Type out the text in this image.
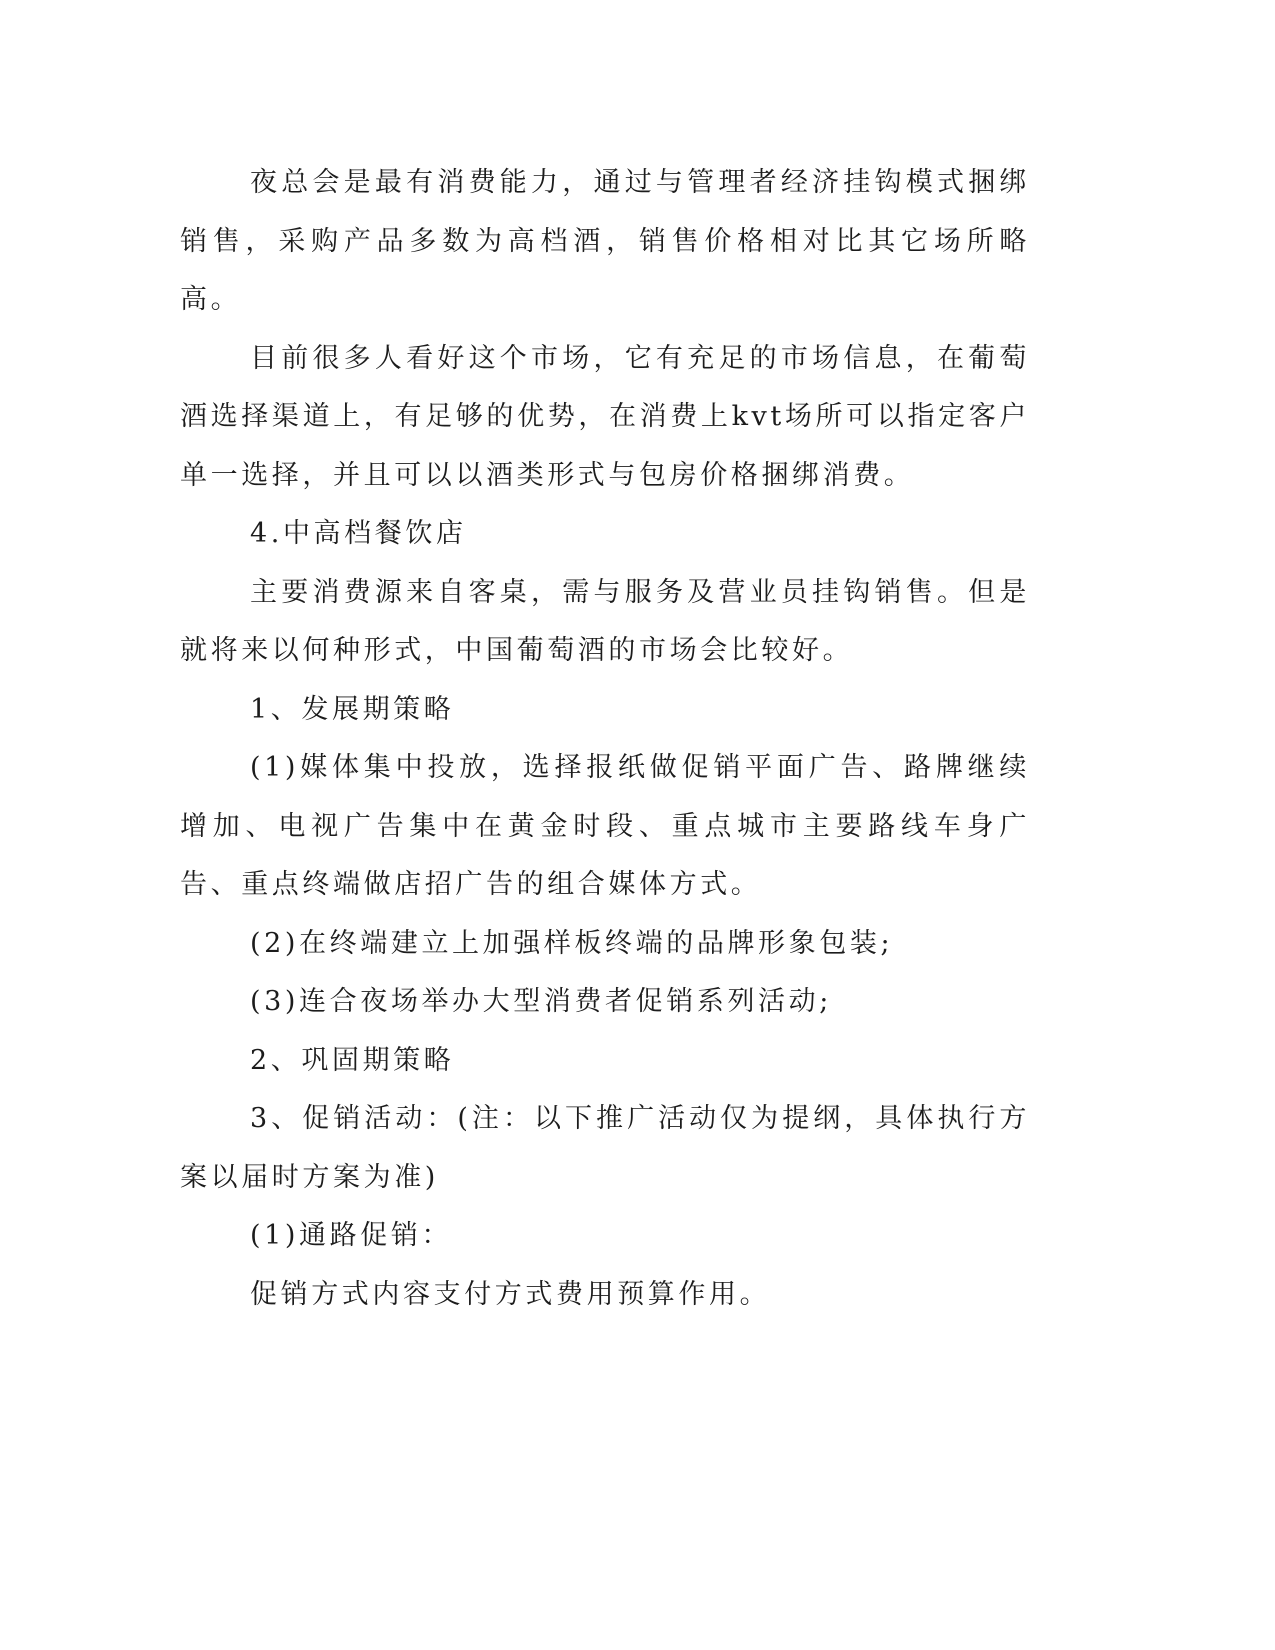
夜总会是最有消费能力，通过与管理者经济挂钩模式捆绑销售，采购产品多数为高档酒，销售价格相对比其它场所略高。

目前很多人看好这个市场，它有充足的市场信息，在葡萄酒选择渠道上，有足够的优势，在消费上kvt场所可以指定客户单一选择，并且可以以酒类形式与包房价格捆绑消费。

4.中高档餐饮店

主要消费源来自客桌，需与服务及营业员挂钩销售。但是就将来以何种形式，中国葡萄酒的市场会比较好。

1、发展期策略

(1)媒体集中投放，选择报纸做促销平面广告、路牌继续增加、电视广告集中在黄金时段、重点城市主要路线车身广告、重点终端做店招广告的组合媒体方式。

(2)在终端建立上加强样板终端的品牌形象包装;

(3)连合夜场举办大型消费者促销系列活动;

2、巩固期策略

3、促销活动：(注：以下推广活动仅为提纲，具体执行方案以届时方案为准)

(1)通路促销：

促销方式内容支付方式费用预算作用。
